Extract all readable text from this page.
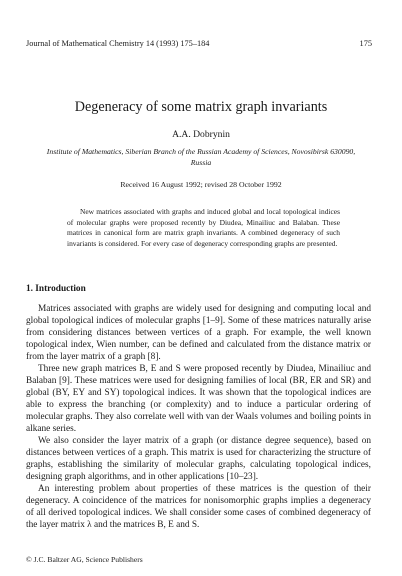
Journal of Mathematical Chemistry 14 (1993) 175–184	175
Degeneracy of some matrix graph invariants
A.A. Dobrynin
Institute of Mathematics, Siberian Branch of the Russian Academy of Sciences, Novosibirsk 630090, Russia
Received 16 August 1992; revised 28 October 1992

New matrices associated with graphs and induced global and local topological indices of molecular graphs were proposed recently by Diudea, Minailiuc and Balaban. These matrices in canonical form are matrix graph invariants. A combined degeneracy of such invariants is considered. For every case of degeneracy corresponding graphs are presented.

1. Introduction

Matrices associated with graphs are widely used for designing and computing local and global topological indices of molecular graphs [1–9]. Some of these matrices naturally arise from considering distances between vertices of a graph. For example, the well known topological index, Wien number, can be defined and calculated from the distance matrix or from the layer matrix of a graph [8].

Three new graph matrices B, E and S were proposed recently by Diudea, Minailiuc and Balaban [9]. These matrices were used for designing families of local (BR, ER and SR) and global (BY, EY and SY) topological indices. It was shown that the topological indices are able to express the branching (or complexity) and to induce a particular ordering of molecular graphs. They also correlate well with van der Waals volumes and boiling points in alkane series.

We also consider the layer matrix of a graph (or distance degree sequence), based on distances between vertices of a graph. This matrix is used for characterizing the structure of graphs, establishing the similarity of molecular graphs, calculating topological indices, designing graph algorithms, and in other applications [10–23].

An interesting problem about properties of these matrices is the question of their degeneracy. A coincidence of the matrices for nonisomorphic graphs implies a degeneracy of all derived topological indices. We shall consider some cases of combined degeneracy of the layer matrix λ and the matrices B, E and S.

© J.C. Baltzer AG, Science Publishers
